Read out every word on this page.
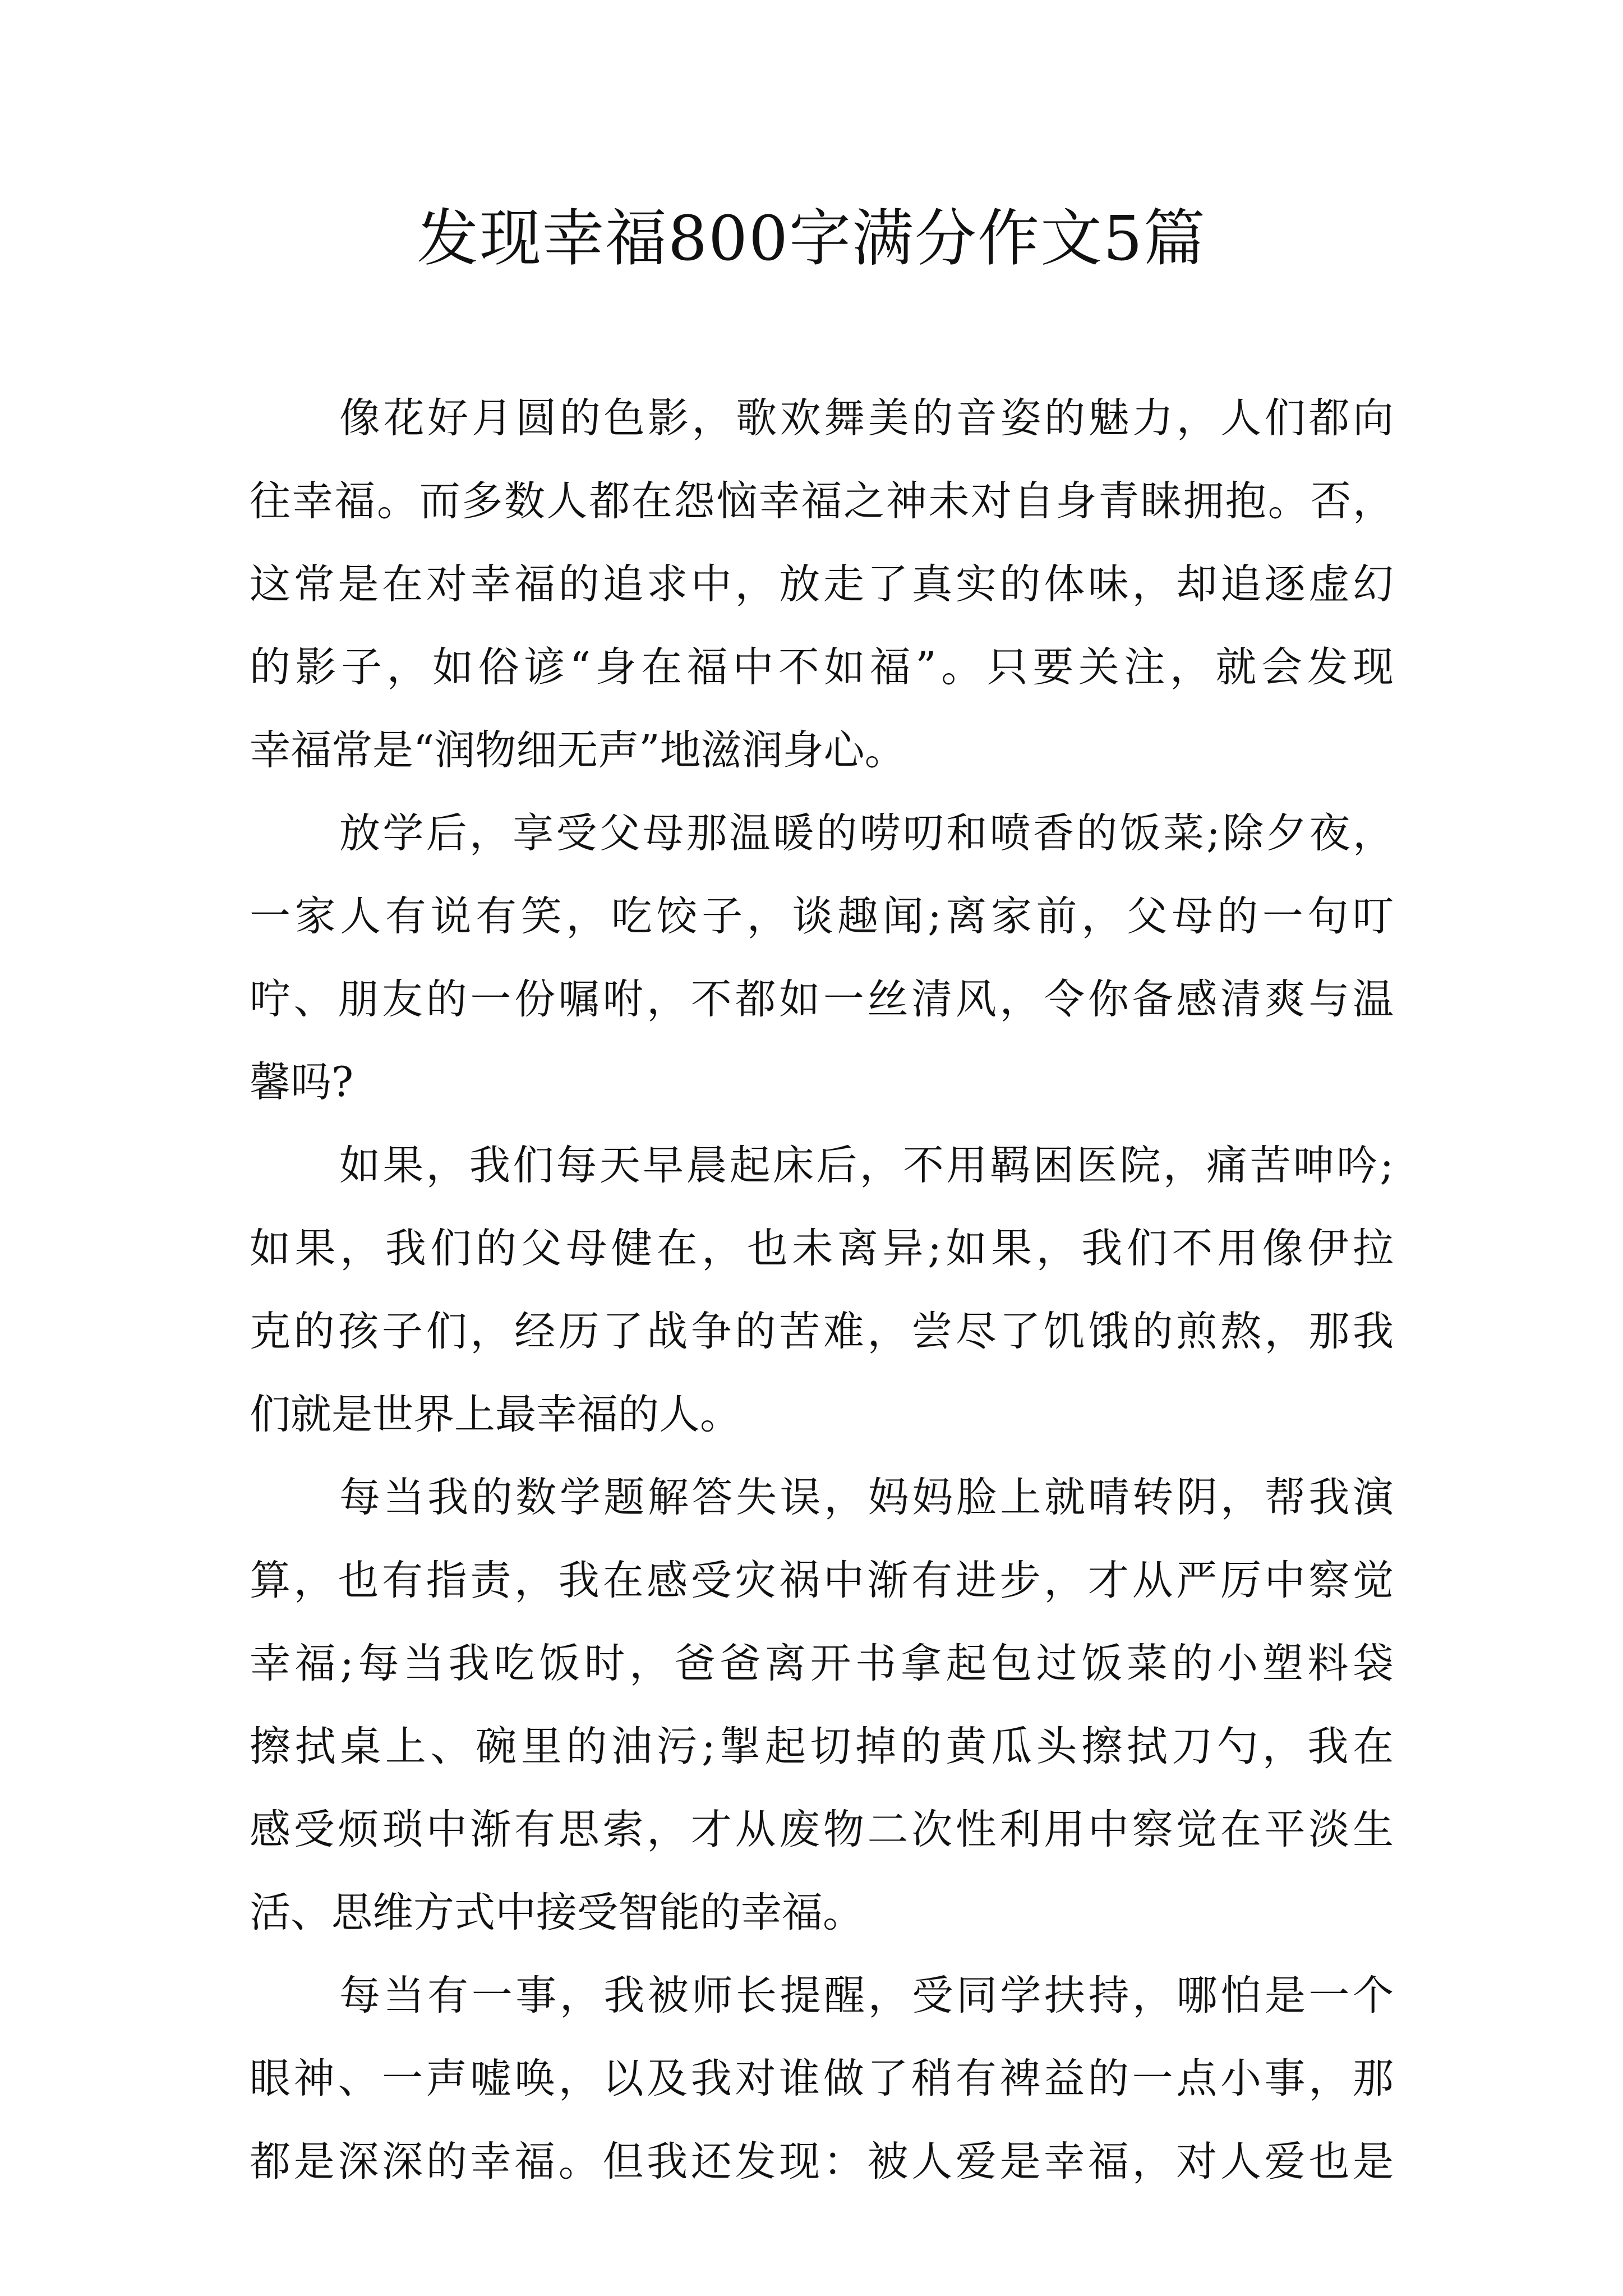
发现幸福800字满分作文5篇
像花好月圆的色影，歌欢舞美的音姿的魅力，人们都向
往幸福。而多数人都在怨恼幸福之神未对自身青睐拥抱。否，
这常是在对幸福的追求中，放走了真实的体味，却追逐虚幻
的影子，如俗谚“身在福中不如福”。只要关注，就会发现
幸福常是“润物细无声”地滋润身心。
放学后，享受父母那温暖的唠叨和喷香的饭菜;除夕夜，
一家人有说有笑，吃饺子，谈趣闻;离家前，父母的一句叮
咛、朋友的一份嘱咐，不都如一丝清风，令你备感清爽与温
馨吗?
如果，我们每天早晨起床后，不用羁困医院，痛苦呻吟;
如果，我们的父母健在，也未离异;如果，我们不用像伊拉
克的孩子们，经历了战争的苦难，尝尽了饥饿的煎熬，那我
们就是世界上最幸福的人。
每当我的数学题解答失误，妈妈脸上就晴转阴，帮我演
算，也有指责，我在感受灾祸中渐有进步，才从严厉中察觉
幸福;每当我吃饭时，爸爸离开书拿起包过饭菜的小塑料袋
擦拭桌上、碗里的油污;掣起切掉的黄瓜头擦拭刀勺，我在
感受烦琐中渐有思索，才从废物二次性利用中察觉在平淡生
活、思维方式中接受智能的幸福。
每当有一事，我被师长提醒，受同学扶持，哪怕是一个
眼神、一声嘘唤，以及我对谁做了稍有裨益的一点小事，那
都是深深的幸福。但我还发现：被人爱是幸福，对人爱也是
